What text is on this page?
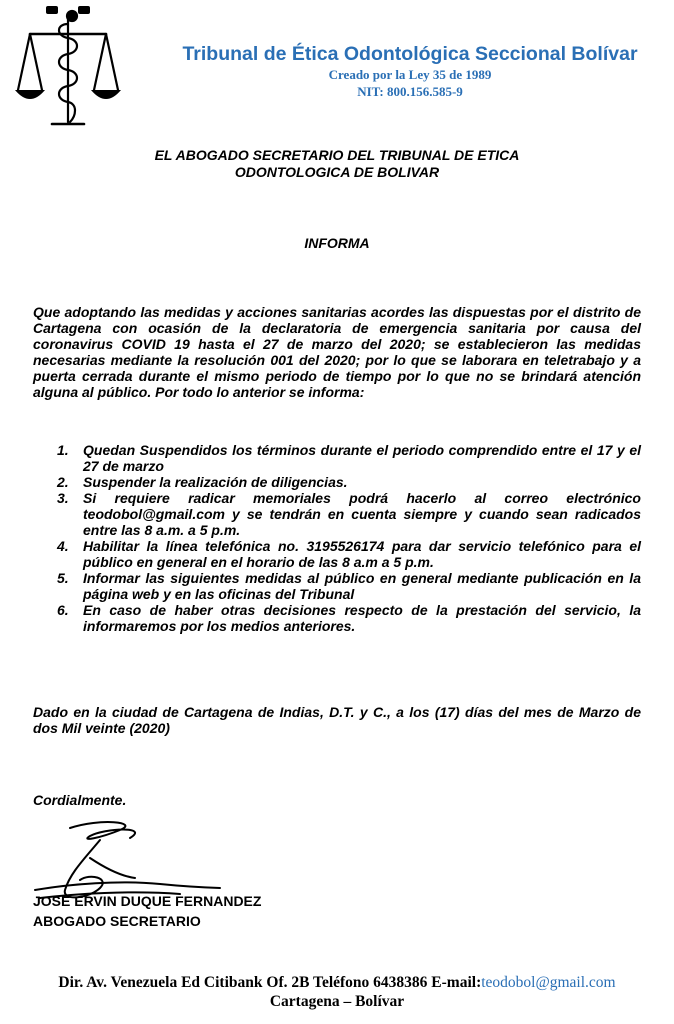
Tribunal de Ética Odontológica Seccional Bolívar
Creado por la Ley 35 de 1989
NIT: 800.156.585-9
EL ABOGADO SECRETARIO DEL TRIBUNAL DE ETICA
ODONTOLOGICA DE BOLIVAR
INFORMA

Que adoptando las medidas y acciones sanitarias acordes las dispuestas por el distrito de Cartagena con ocasión de la declaratoria de emergencia sanitaria por causa del coronavirus COVID 19 hasta el 27 de marzo del 2020; se establecieron las medidas necesarias mediante la resolución 001 del 2020; por lo que se laborara en teletrabajo y a puerta cerrada durante el mismo periodo de tiempo por lo que no se brindará atención alguna al público. Por todo lo anterior se informa:

1. Quedan Suspendidos los términos durante el periodo comprendido entre el 17 y el 27 de marzo
2. Suspender la realización de diligencias.
3. Si requiere radicar memoriales podrá hacerlo al correo electrónico teodobol@gmail.com y se tendrán en cuenta siempre y cuando sean radicados entre las 8 a.m. a 5 p.m.
4. Habilitar la línea telefónica no. 3195526174 para dar servicio telefónico para el público en general en el horario de las 8 a.m a 5 p.m.
5. Informar las siguientes medidas al público en general mediante publicación en la página web y en las oficinas del Tribunal
6. En caso de haber otras decisiones respecto de la prestación del servicio, la informaremos por los medios anteriores.
Dado en la ciudad de Cartagena de Indias, D.T. y C., a los (17) días del mes de Marzo de dos Mil veinte (2020)
Cordialmente.
JOSE ERVIN DUQUE FERNANDEZ
ABOGADO SECRETARIO
Dir. Av. Venezuela Ed Citibank Of. 2B Teléfono 6438386 E-mail:teodobol@gmail.com
Cartagena – Bolívar
